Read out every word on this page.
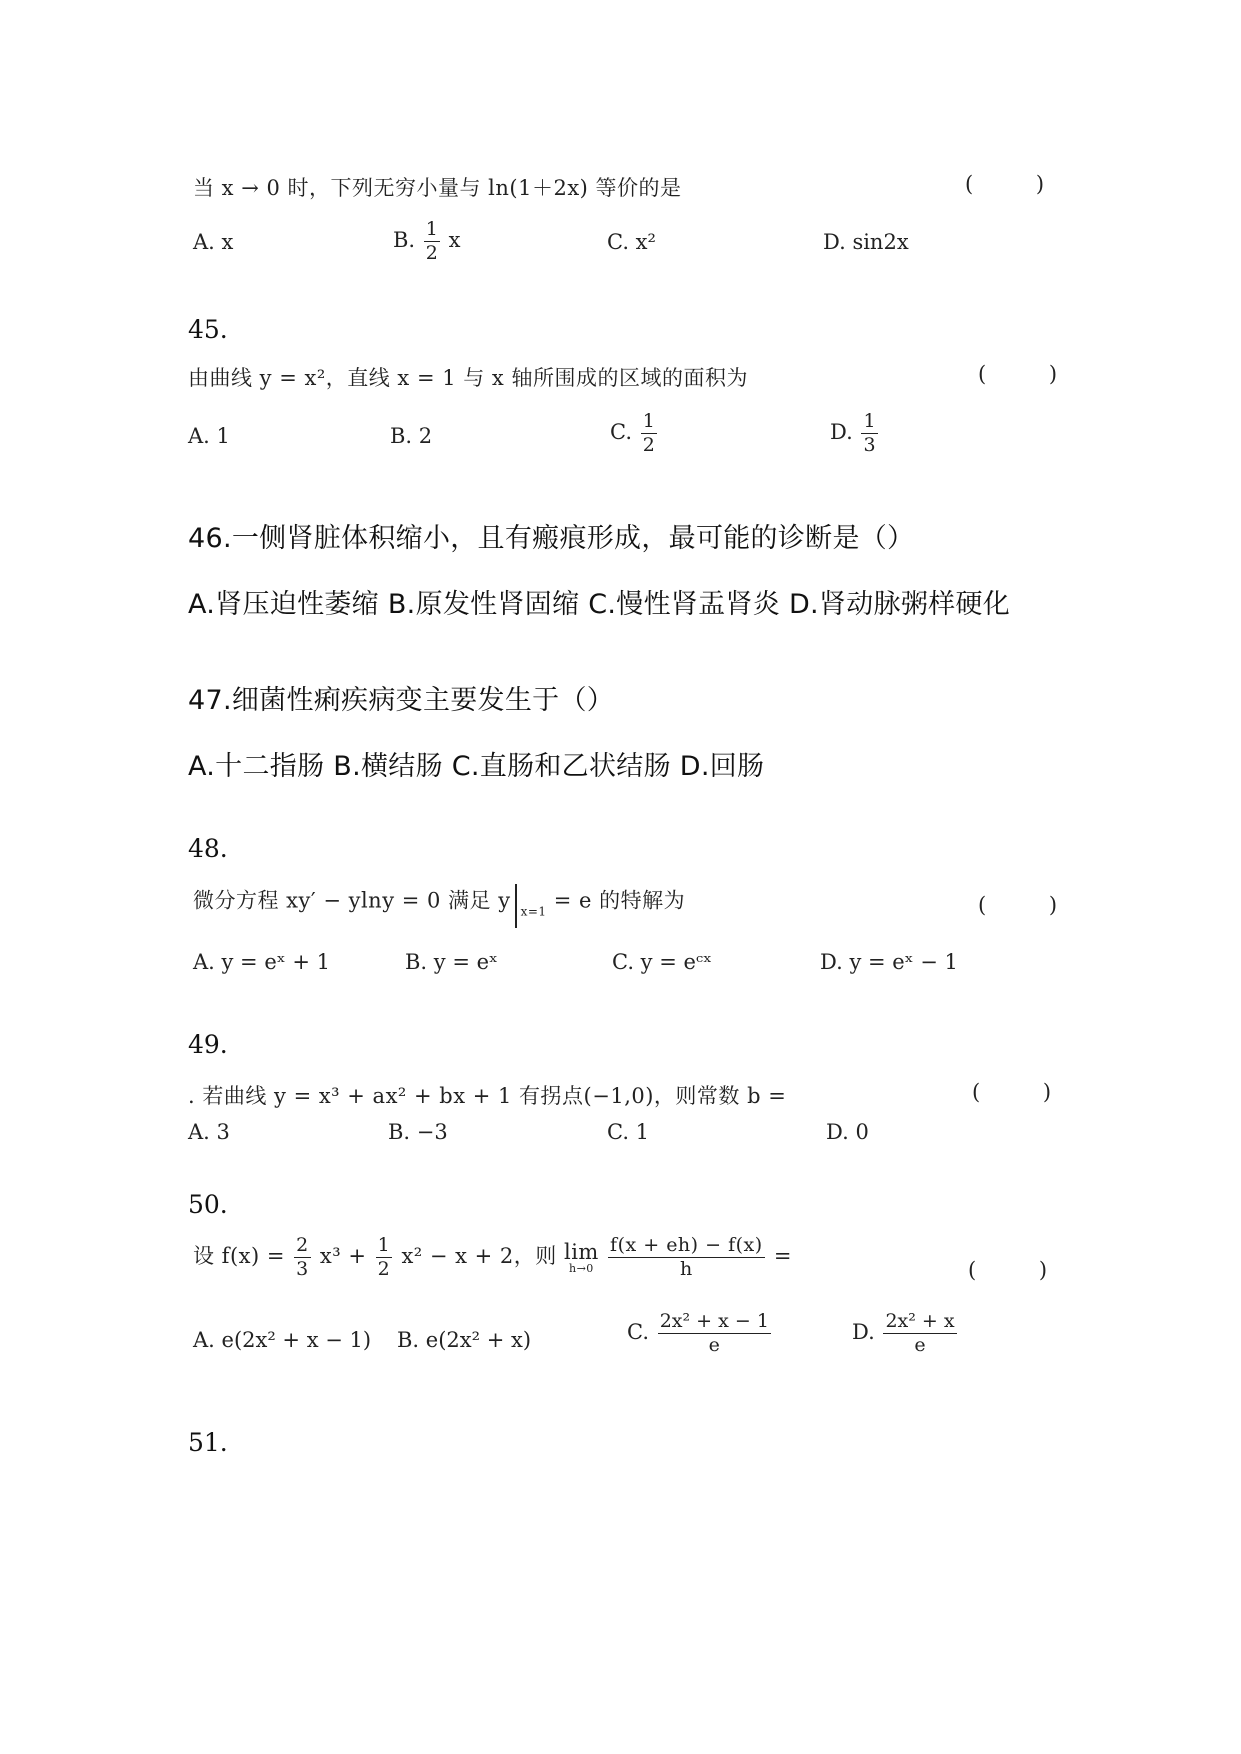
当 x → 0 时，下列无穷小量与 ln(1＋2x) 等价的是	( )
A. x	B. $\frac{1}{2}$ x	C. x²	D. sin2x
45.
由曲线 y = x²，直线 x = 1 与 x 轴所围成的区域的面积为	( )
A. 1	B. 2	C. $\frac{1}{2}$	D. $\frac{1}{3}$
46.一侧肾脏体积缩小，且有瘢痕形成，最可能的诊断是（）
A.肾压迫性萎缩 B.原发性肾固缩 C.慢性肾盂肾炎 D.肾动脉粥样硬化
47.细菌性痢疾病变主要发生于（）
A.十二指肠 B.横结肠 C.直肠和乙状结肠 D.回肠
48.
微分方程 xy′ − ylny = 0 满足 y $_{x=1}$ = e 的特解为	( )
A. y = eˣ + 1	B. y = eˣ	C. y = eᶜˣ	D. y = eˣ − 1
49.
. 若曲线 y = x³ + ax² + bx + 1 有拐点(−1,0)，则常数 b =	( )
A. 3	B. −3	C. 1	D. 0
50.
设 $f(x) = \frac{2}{3} x^3 + \frac{1}{2} x^2 - x + 2$，则 lim
h→0
$\frac{f(x + eh) - f(x)}{h}$ =
( )
A. e(2x² + x − 1) B. e(2x² + x)	C. $\frac{\text{2x² + x − 1}}{e}$	D. $\frac{\text{2x² + x}}{e}$
51.
